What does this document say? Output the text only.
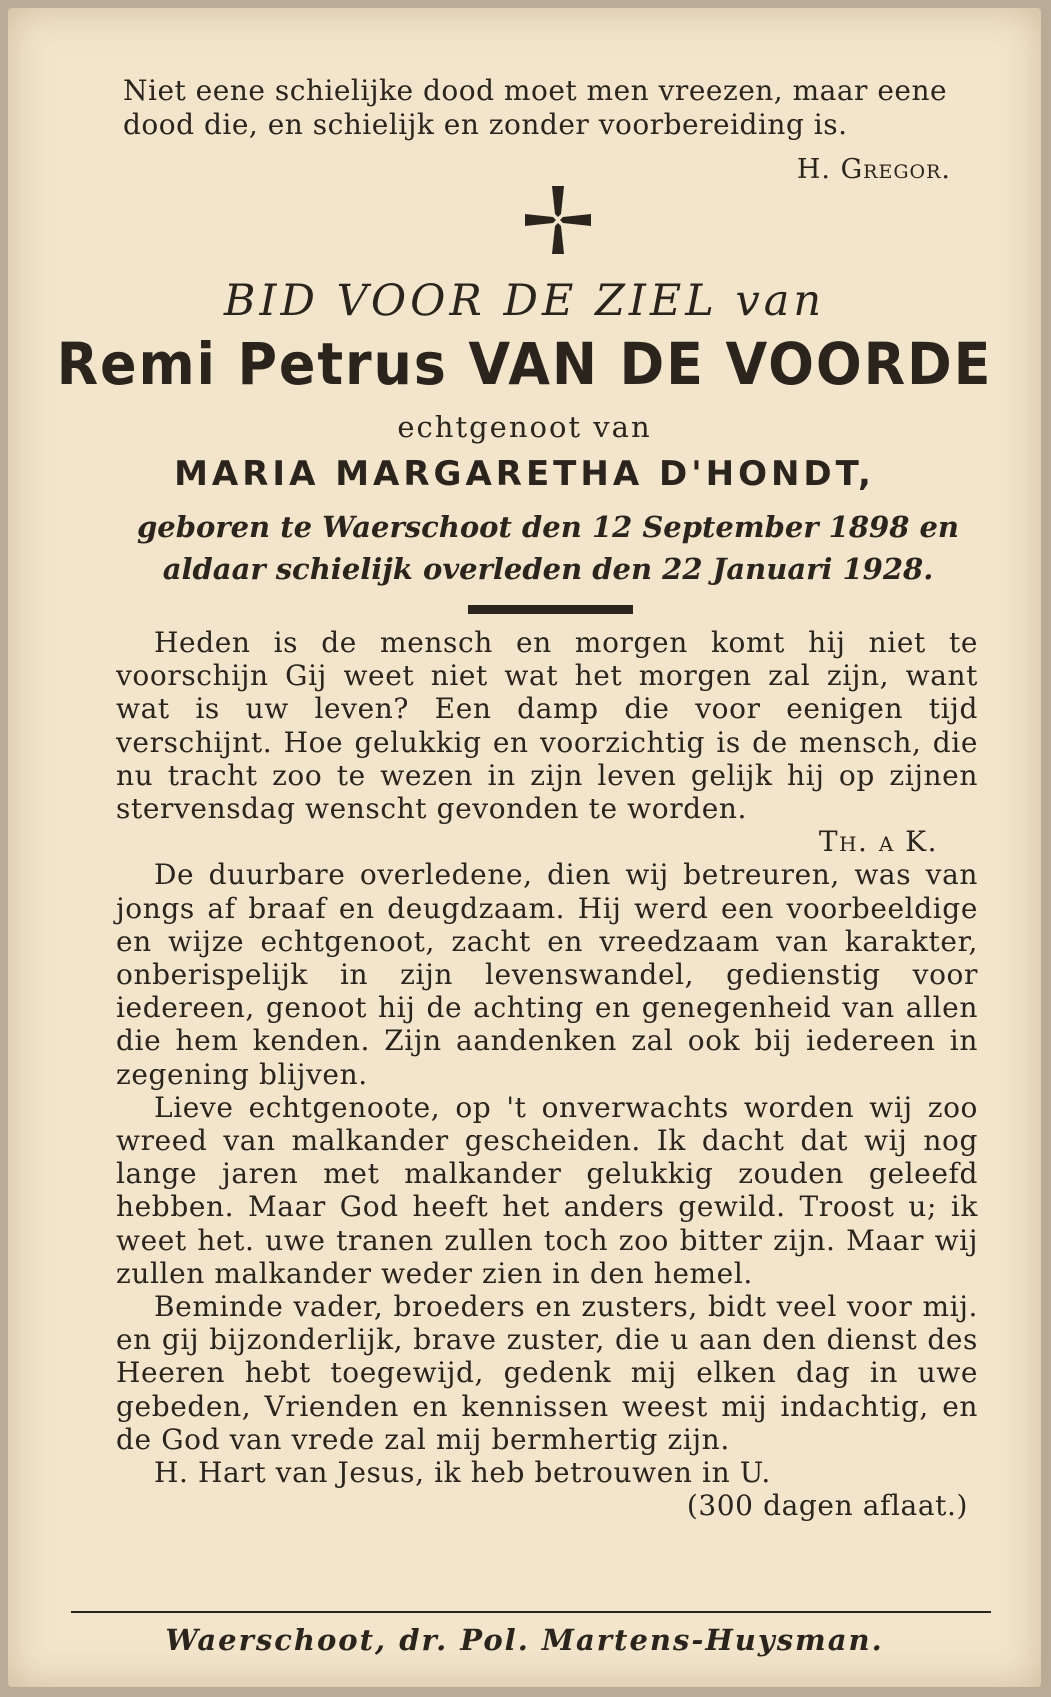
Niet eene schielijke dood moet men vreezen, maar eene dood die, en schielijk en zonder voorbereiding is.
H. Gregor.
BID VOOR DE ZIEL van
Remi Petrus VAN DE VOORDE
echtgenoot van
MARIA MARGARETHA D'HONDT,
geboren te Waerschoot den 12 September 1898 en
aldaar schielijk overleden den 22 Januari 1928.

Heden is de mensch en morgen komt hij niet te voorschijn Gij weet niet wat het morgen zal zijn, want wat is uw leven? Een damp die voor eenigen tijd verschijnt. Hoe gelukkig en voorzichtig is de mensch, die nu tracht zoo te wezen in zijn leven gelijk hij op zijnen stervensdag wenscht gevonden te worden.

Th. a K.

De duurbare overledene, dien wij betreuren, was van jongs af braaf en deugdzaam. Hij werd een voorbeeldige en wijze echtgenoot, zacht en vreedzaam van karakter, onberispelijk in zijn levenswandel, gedienstig voor iedereen, genoot hij de achting en genegenheid van allen die hem kenden. Zijn aandenken zal ook bij iedereen in zegening blijven.

Lieve echtgenoote, op 't onverwachts worden wij zoo wreed van malkander gescheiden. Ik dacht dat wij nog lange jaren met malkander gelukkig zouden geleefd hebben. Maar God heeft het anders gewild. Troost u; ik weet het. uwe tranen zullen toch zoo bitter zijn. Maar wij zullen malkander weder zien in den hemel.

Beminde vader, broeders en zusters, bidt veel voor mij. en gij bijzonderlijk, brave zuster, die u aan den dienst des Heeren hebt toegewijd, gedenk mij elken dag in uwe gebeden, Vrienden en kennissen weest mij indachtig, en de God van vrede zal mij bermhertig zijn.

H. Hart van Jesus, ik heb betrouwen in U.

(300 dagen aflaat.)
Waerschoot, dr. Pol. Martens-Huysman.
